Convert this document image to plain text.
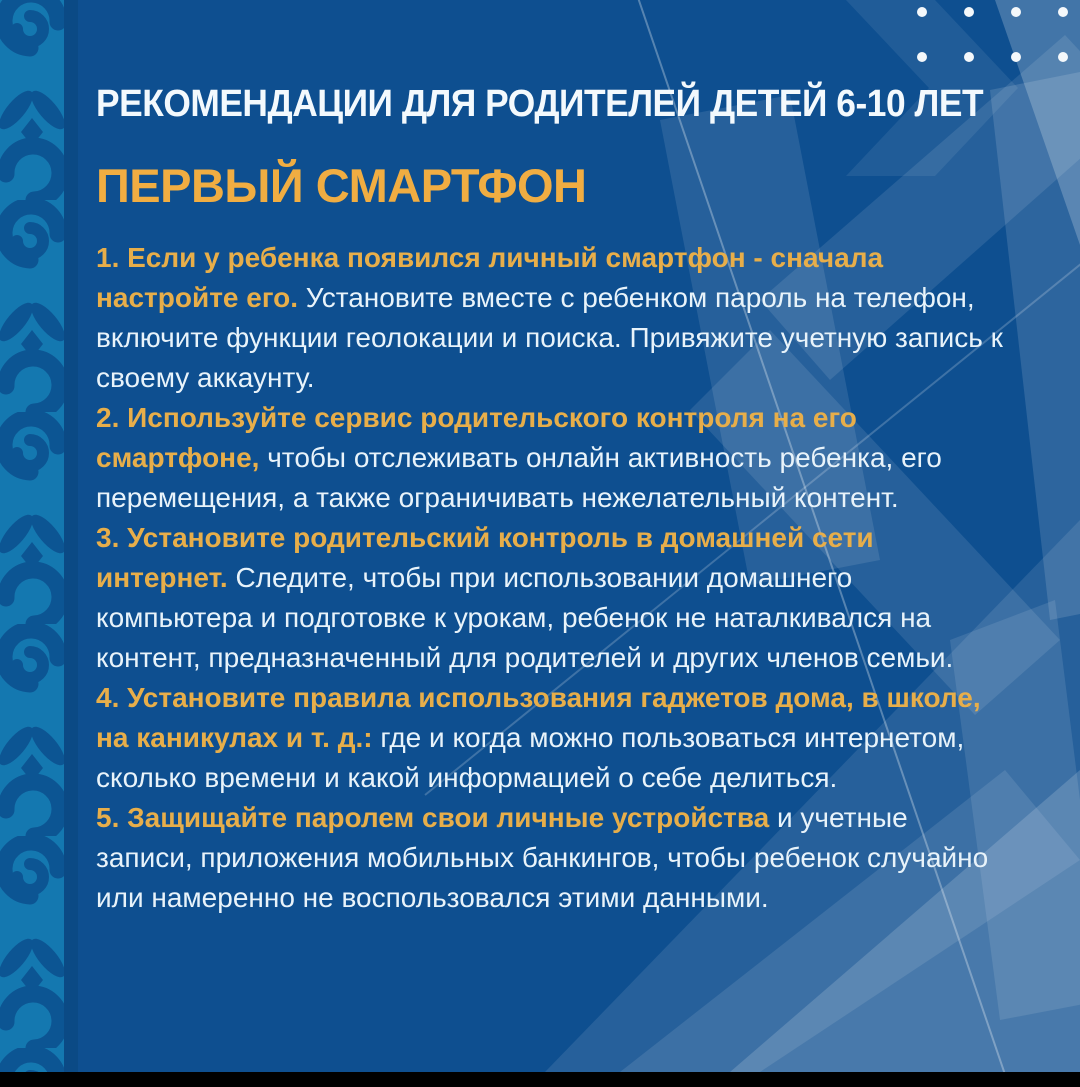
РЕКОМЕНДАЦИИ ДЛЯ РОДИТЕЛЕЙ ДЕТЕЙ 6-10 ЛЕТ
ПЕРВЫЙ СМАРТФОН

1. Если у ребенка появился личный смартфон - сначала настройте его. Установите вместе с ребенком пароль на телефон, включите функции геолокации и поиска. Привяжите учетную запись к своему аккаунту.

2. Используйте сервис родительского контроля на его смартфоне, чтобы отслеживать онлайн активность ребенка, его перемещения, а также ограничивать нежелательный контент.

3. Установите родительский контроль в домашней сети интернет. Следите, чтобы при использовании домашнего компьютера и подготовке к урокам, ребенок не наталкивался на контент, предназначенный для родителей и других членов семьи.

4. Установите правила использования гаджетов дома, в школе, на каникулах и т. д.: где и когда можно пользоваться интернетом, сколько времени и какой информацией о себе делиться.

5. Защищайте паролем свои личные устройства и учетные записи, приложения мобильных банкингов, чтобы ребенок случайно или намеренно не воспользовался этими данными.
